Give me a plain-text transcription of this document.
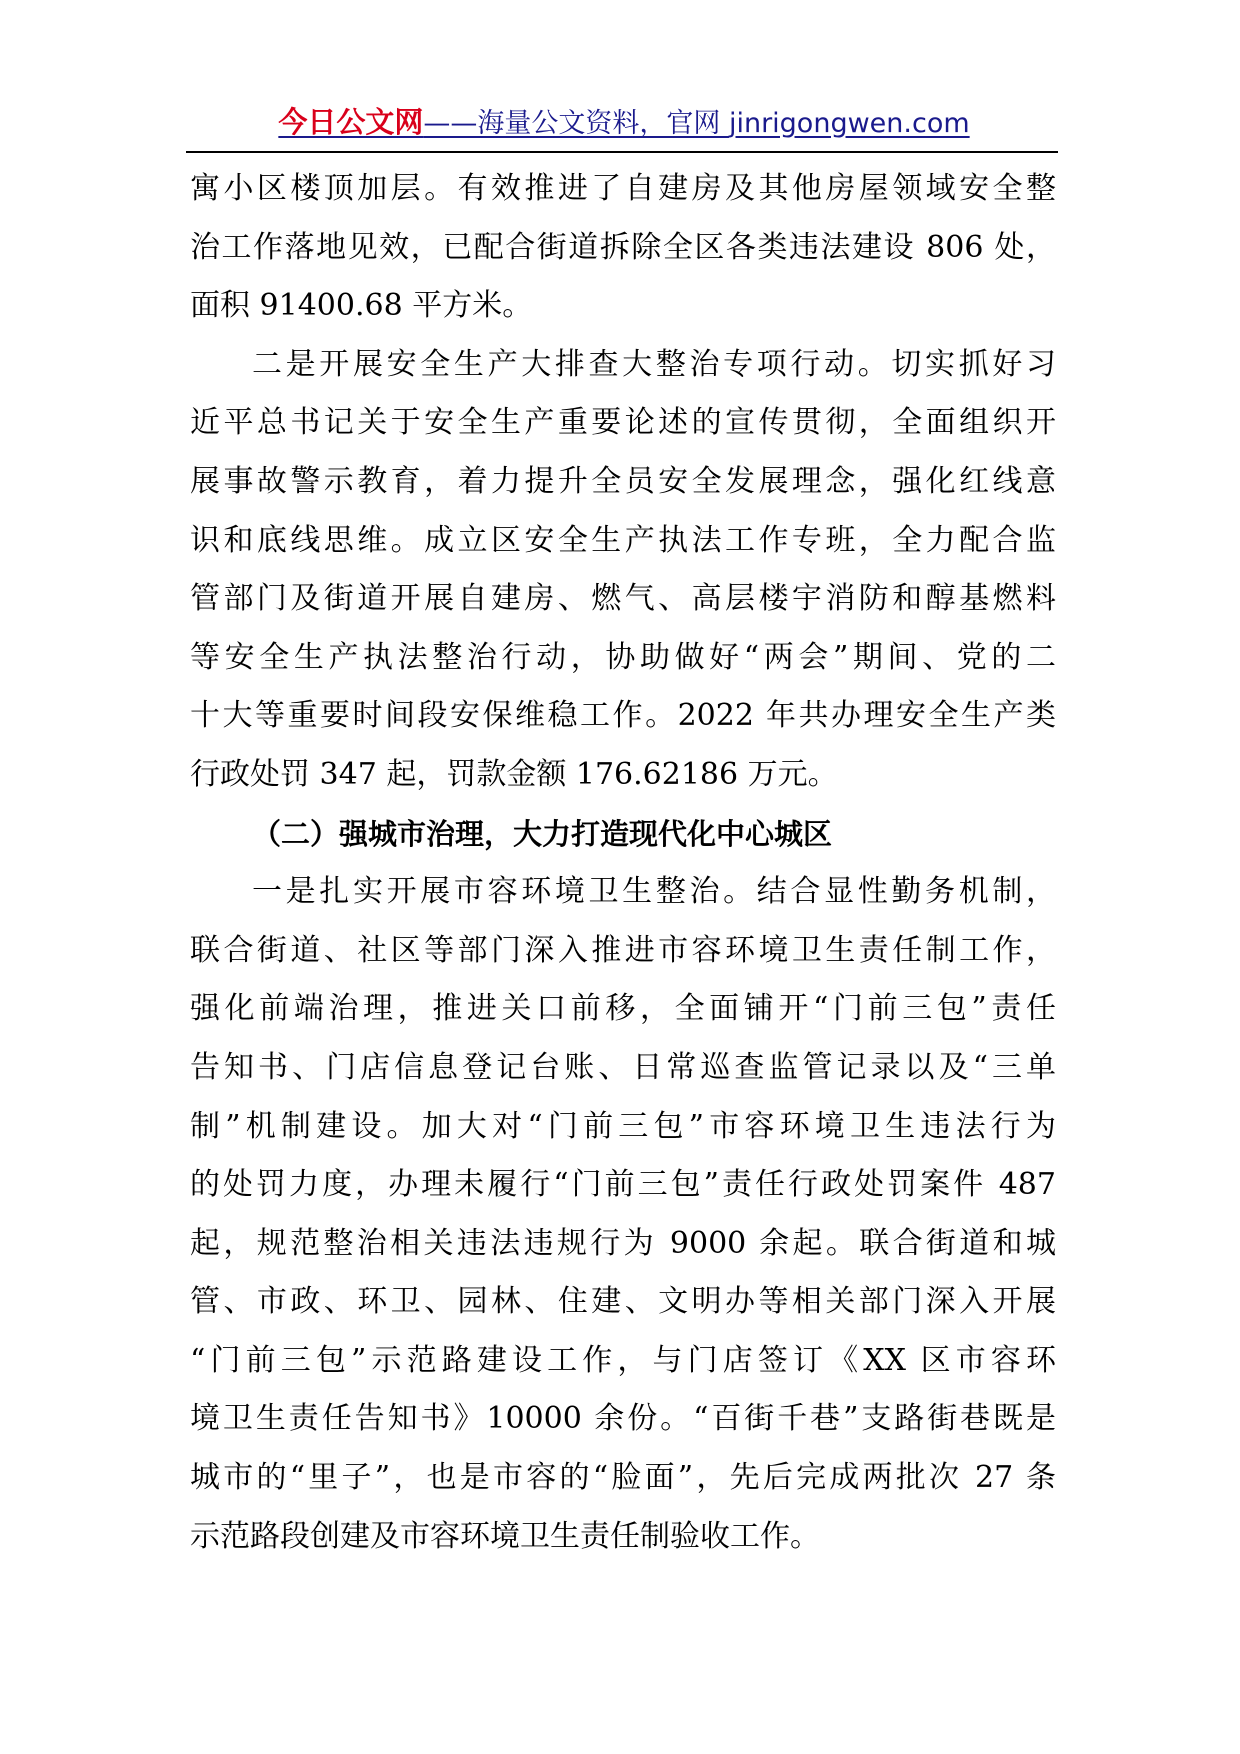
今日公文网——海量公文资料，官网 jinrigongwen.com
寓小区楼顶加层。有效推进了自建房及其他房屋领域安全整
治工作落地见效，已配合街道拆除全区各类违法建设 806 处，
面积 91400.68 平方米。
二是开展安全生产大排查大整治专项行动。切实抓好习
近平总书记关于安全生产重要论述的宣传贯彻，全面组织开
展事故警示教育，着力提升全员安全发展理念，强化红线意
识和底线思维。成立区安全生产执法工作专班，全力配合监
管部门及街道开展自建房、燃气、高层楼宇消防和醇基燃料
等安全生产执法整治行动，协助做好“两会”期间、党的二
十大等重要时间段安保维稳工作。2022 年共办理安全生产类
行政处罚 347 起，罚款金额 176.62186 万元。
（二）强城市治理，大力打造现代化中心城区
一是扎实开展市容环境卫生整治。结合显性勤务机制，
联合街道、社区等部门深入推进市容环境卫生责任制工作，
强化前端治理，推进关口前移，全面铺开“门前三包”责任
告知书、门店信息登记台账、日常巡查监管记录以及“三单
制”机制建设。加大对“门前三包”市容环境卫生违法行为
的处罚力度，办理未履行“门前三包”责任行政处罚案件 487
起，规范整治相关违法违规行为 9000 余起。联合街道和城
管、市政、环卫、园林、住建、文明办等相关部门深入开展
“门前三包”示范路建设工作，与门店签订《XX 区市容环
境卫生责任告知书》10000 余份。“百街千巷”支路街巷既是
城市的“里子”，也是市容的“脸面”，先后完成两批次 27 条
示范路段创建及市容环境卫生责任制验收工作。
